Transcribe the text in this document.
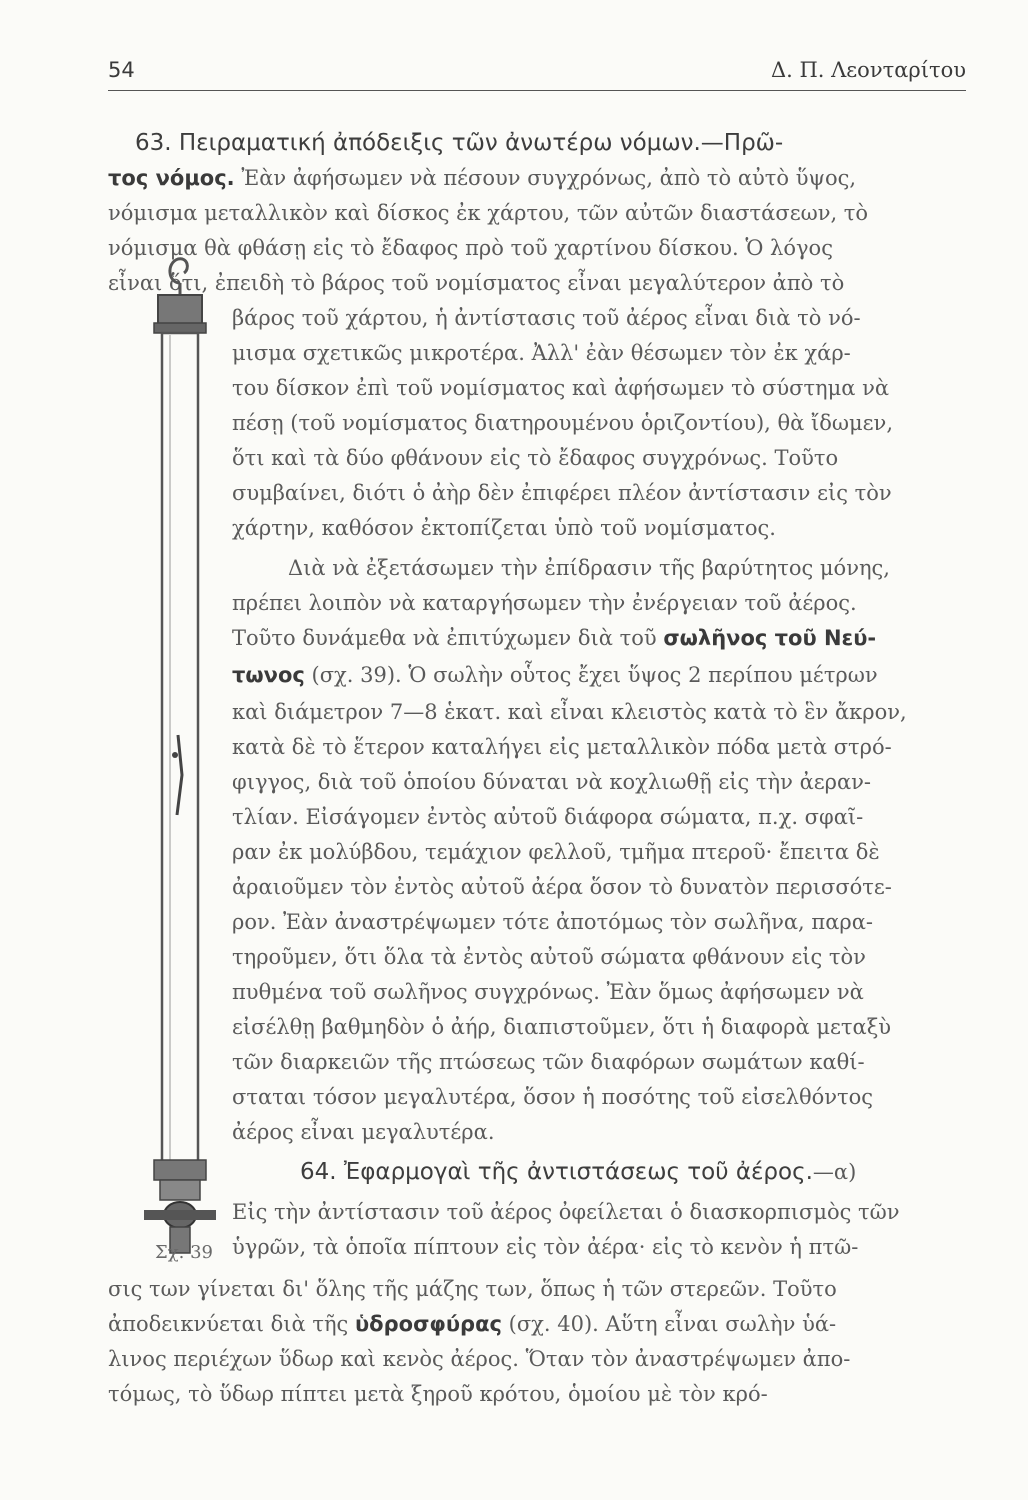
54	Δ. Π. Λεονταρίτου
63. Πειραματική ἀπόδειξις τῶν ἀνωτέρω νόμων.—Πρῶ-
τος νόμος. Ἐὰν ἀφήσωμεν νὰ πέσουν συγχρόνως, ἀπὸ τὸ αὐτὸ ὕψος,
νόμισμα μεταλλικὸν καὶ δίσκος ἐκ χάρτου, τῶν αὐτῶν διαστάσεων, τὸ
νόμισμα θὰ φθάσῃ εἰς τὸ ἔδαφος πρὸ τοῦ χαρτίνου δίσκου. Ὁ λόγος
εἶναι ὅτι, ἐπειδὴ τὸ βάρος τοῦ νομίσματος εἶναι μεγαλύτερον ἀπὸ τὸ
βάρος τοῦ χάρτου, ἡ ἀντίστασις τοῦ ἀέρος εἶναι διὰ τὸ νό-
μισμα σχετικῶς μικροτέρα. Ἀλλ' ἐὰν θέσωμεν τὸν ἐκ χάρ-
του δίσκον ἐπὶ τοῦ νομίσματος καὶ ἀφήσωμεν τὸ σύστημα νὰ
πέσῃ (τοῦ νομίσματος διατηρουμένου ὁριζοντίου), θὰ ἴδωμεν,
ὅτι καὶ τὰ δύο φθάνουν εἰς τὸ ἔδαφος συγχρόνως. Τοῦτο
συμβαίνει, διότι ὁ ἀὴρ δὲν ἐπιφέρει πλέον ἀντίστασιν εἰς τὸν
χάρτην, καθόσον ἐκτοπίζεται ὑπὸ τοῦ νομίσματος.
Διὰ νὰ ἐξετάσωμεν τὴν ἐπίδρασιν τῆς βαρύτητος μόνης,
πρέπει λοιπὸν νὰ καταργήσωμεν τὴν ἐνέργειαν τοῦ ἀέρος.
Τοῦτο δυνάμεθα νὰ ἐπιτύχωμεν διὰ τοῦ σωλῆνος τοῦ Νεύ-
τωνος (σχ. 39). Ὁ σωλὴν οὗτος ἔχει ὕψος 2 περίπου μέτρων
καὶ διάμετρον 7—8 ἑκατ. καὶ εἶναι κλειστὸς κατὰ τὸ ἓν ἄκρον,
κατὰ δὲ τὸ ἕτερον καταλήγει εἰς μεταλλικὸν πόδα μετὰ στρό-
φιγγος, διὰ τοῦ ὁποίου δύναται νὰ κοχλιωθῇ εἰς τὴν ἀεραν-
τλίαν. Εἰσάγομεν ἐντὸς αὐτοῦ διάφορα σώματα, π.χ. σφαῖ-
ραν ἐκ μολύβδου, τεμάχιον φελλοῦ, τμῆμα πτεροῦ· ἔπειτα δὲ
ἀραιοῦμεν τὸν ἐντὸς αὐτοῦ ἀέρα ὅσον τὸ δυνατὸν περισσότε-
ρον. Ἐὰν ἀναστρέψωμεν τότε ἀποτόμως τὸν σωλῆνα, παρα-
τηροῦμεν, ὅτι ὅλα τὰ ἐντὸς αὐτοῦ σώματα φθάνουν εἰς τὸν
πυθμένα τοῦ σωλῆνος συγχρόνως. Ἐὰν ὅμως ἀφήσωμεν νὰ
εἰσέλθῃ βαθμηδὸν ὁ ἀήρ, διαπιστοῦμεν, ὅτι ἡ διαφορὰ μεταξὺ
τῶν διαρκειῶν τῆς πτώσεως τῶν διαφόρων σωμάτων καθί-
σταται τόσον μεγαλυτέρα, ὅσον ἡ ποσότης τοῦ εἰσελθόντος
ἀέρος εἶναι μεγαλυτέρα.
64. Ἐφαρμογαὶ τῆς ἀντιστάσεως τοῦ ἀέρος.—α)
Εἰς τὴν ἀντίστασιν τοῦ ἀέρος ὀφείλεται ὁ διασκορπισμὸς τῶν
ὑγρῶν, τὰ ὁποῖα πίπτουν εἰς τὸν ἀέρα· εἰς τὸ κενὸν ἡ πτῶ-
σις των γίνεται δι' ὅλης τῆς μάζης των, ὅπως ἡ τῶν στερεῶν. Τοῦτο
ἀποδεικνύεται διὰ τῆς ὑδροσφύρας (σχ. 40). Αὕτη εἶναι σωλὴν ὑά-
λινος περιέχων ὕδωρ καὶ κενὸς ἀέρος. Ὅταν τὸν ἀναστρέψωμεν ἀπο-
τόμως, τὸ ὕδωρ πίπτει μετὰ ξηροῦ κρότου, ὁμοίου μὲ τὸν κρό-
Σχ. 39
